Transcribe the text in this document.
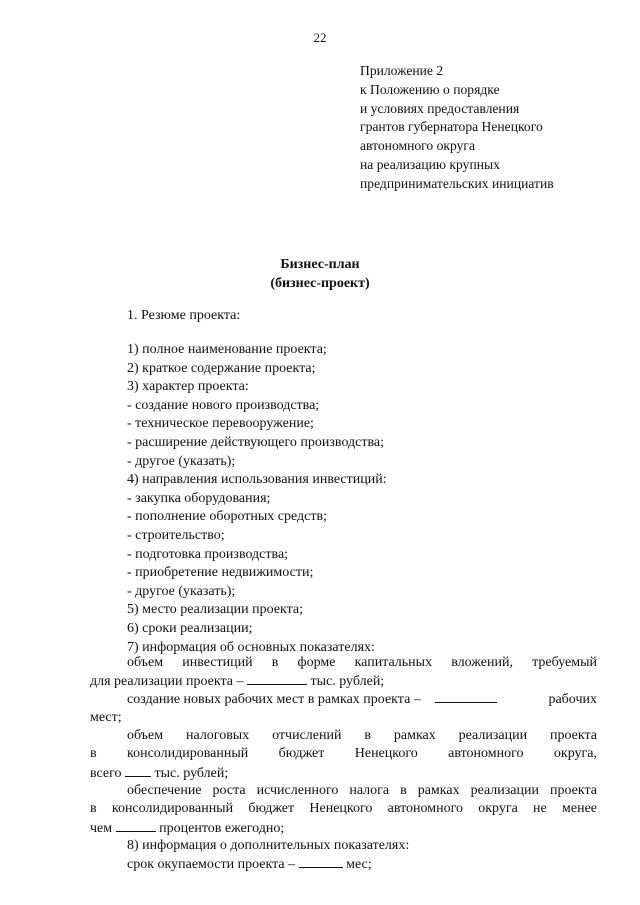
22
Приложение 2
к Положению о порядке
и условиях предоставления
грантов губернатора Ненецкого
автономного округа
на реализацию крупных
предпринимательских инициатив
Бизнес-план
(бизнес-проект)
1. Резюме проекта:
1) полное наименование проекта;
2) краткое содержание проекта;
3) характер проекта:
- создание нового производства;
- техническое перевооружение;
- расширение действующего производства;
- другое (указать);
4) направления использования инвестиций:
- закупка оборудования;
- пополнение оборотных средств;
- строительство;
- подготовка производства;
- приобретение недвижимости;
- другое (указать);
5) место реализации проекта;
6) сроки реализации;
7) информация об основных показателях:
объем инвестиций в форме капитальных вложений, требуемый
для реализации проекта –	тыс. рублей;
создание новых рабочих мест в рамках проекта –	рабочих
мест;
объем налоговых отчислений в рамках реализации проекта
в консолидированный бюджет Ненецкого автономного округа,
всего тыс. рублей;
обеспечение роста исчисленного налога в рамках реализации проекта
в консолидированный бюджет Ненецкого автономного округа не менее
чем	процентов ежегодно;
8) информация о дополнительных показателях:
срок окупаемости проекта –	мес;
